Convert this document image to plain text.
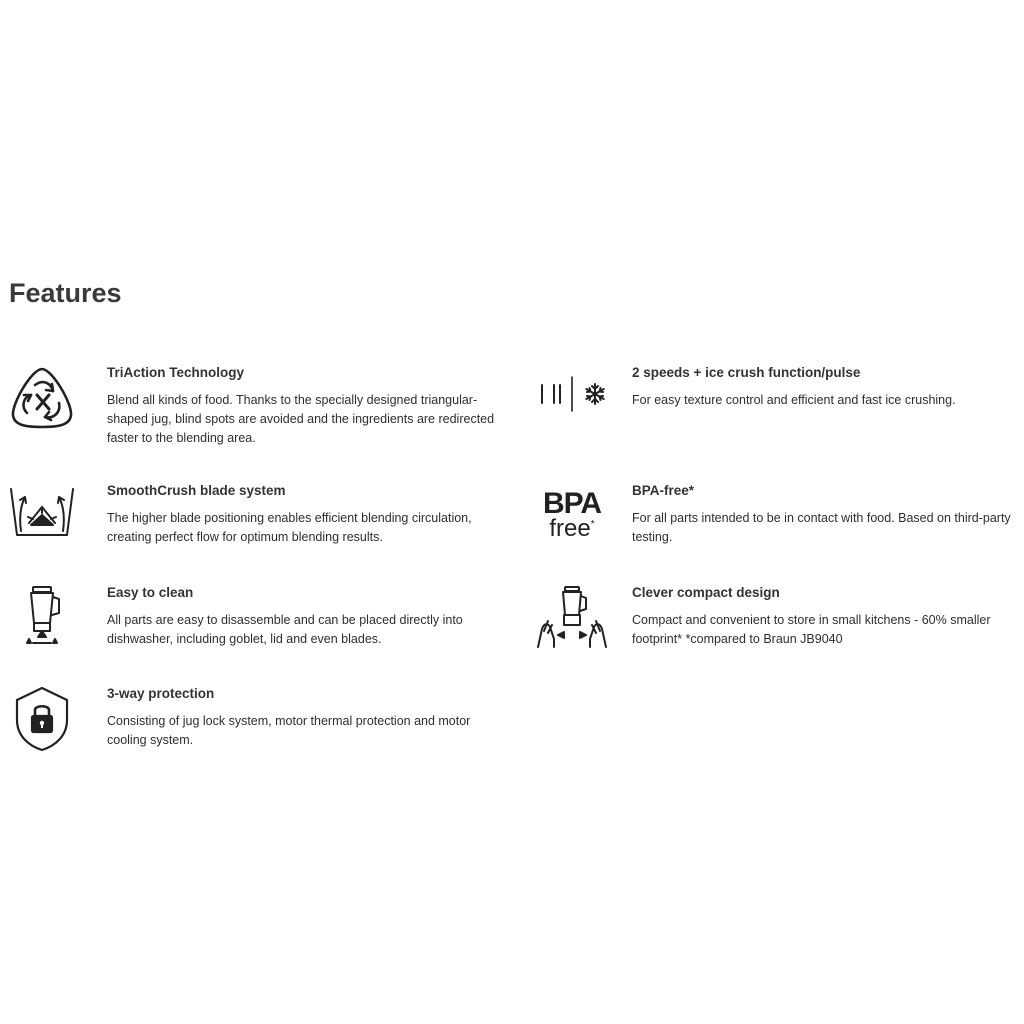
Features
TriAction Technology

Blend all kinds of food. Thanks to the specially designed triangular-shaped jug, blind spots are avoided and the ingredients are redirected faster to the blending area.

2 speeds + ice crush function/pulse

For easy texture control and efficient and fast ice crushing.

SmoothCrush blade system

The higher blade positioning enables efficient blending circulation, creating perfect flow for optimum blending results.

BPA
free*
BPA-free*

For all parts intended to be in contact with food. Based on third-party testing.

Easy to clean

All parts are easy to disassemble and can be placed directly into dishwasher, including goblet, lid and even blades.

Clever compact design

Compact and convenient to store in small kitchens - 60% smaller footprint* *compared to Braun JB9040

3-way protection

Consisting of jug lock system, motor thermal protection and motor cooling system.
